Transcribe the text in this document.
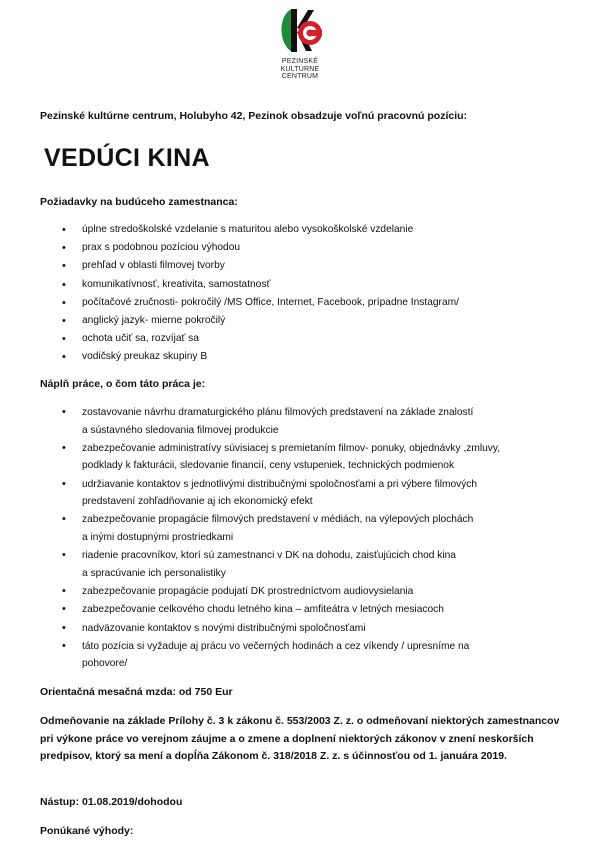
PEZINSKÉ
KULTÚRNE
CENTRUM
Pezinské kultúrne centrum, Holubyho 42, Pezinok obsadzuje voľnú pracovnú pozíciu:
VEDÚCI KINA
Požiadavky na budúceho zamestnanca:
• úplne stredoškolské vzdelanie s maturitou alebo vysokoškolské vzdelanie
• prax s podobnou pozíciou výhodou
• prehľad v oblasti filmovej tvorby
• komunikatívnosť, kreativita, samostatnosť
• počítačové zručnosti- pokročilý /MS Office, Internet, Facebook, prípadne Instagram/
• anglický jazyk- mierne pokročilý
• ochota učiť sa, rozvíjať sa
• vodičský preukaz skupiny B
Náplň práce, o čom táto práca je:
• zostavovanie návrhu dramaturgického plánu filmových predstavení na základe znalostí
a sústavného sledovania filmovej produkcie
• zabezpečovanie administratívy súvisiacej s premietaním filmov- ponuky, objednávky ,zmluvy,
podklady k fakturácii, sledovanie financií, ceny vstupeniek, technických podmienok
• udržiavanie kontaktov s jednotlivými distribučnými spoločnosťami a pri výbere filmových
predstavení zohľadňovanie aj ich ekonomický efekt
• zabezpečovanie propagácie filmových predstavení v médiách, na výlepových plochách
a inými dostupnými prostriedkami
• riadenie pracovníkov, ktorí sú zamestnanci v DK na dohodu, zaisťujúcich chod kina
a spracúvanie ich personalistiky
• zabezpečovanie propagácie podujatí DK prostredníctvom audiovysielania
• zabezpečovanie celkového chodu letného kina – amfiteátra v letných mesiacoch
• nadväzovanie kontaktov s novými distribučnými spoločnosťami
• táto pozícia si vyžaduje aj prácu vo večerných hodinách a cez víkendy / upresníme na
pohovore/
Orientačná mesačná mzda: od 750 Eur
Odmeňovanie na základe Prílohy č. 3 k zákonu č. 553/2003 Z. z. o odmeňovaní niektorých zamestnancov pri výkone práce vo verejnom záujme a o zmene a doplnení niektorých zákonov v znení neskorších predpisov, ktorý sa mení a dopĺňa Zákonom č. 318/2018 Z. z. s účinnosťou od 1. januára 2019.
Nástup: 01.08.2019/dohodou
Ponúkané výhody:
